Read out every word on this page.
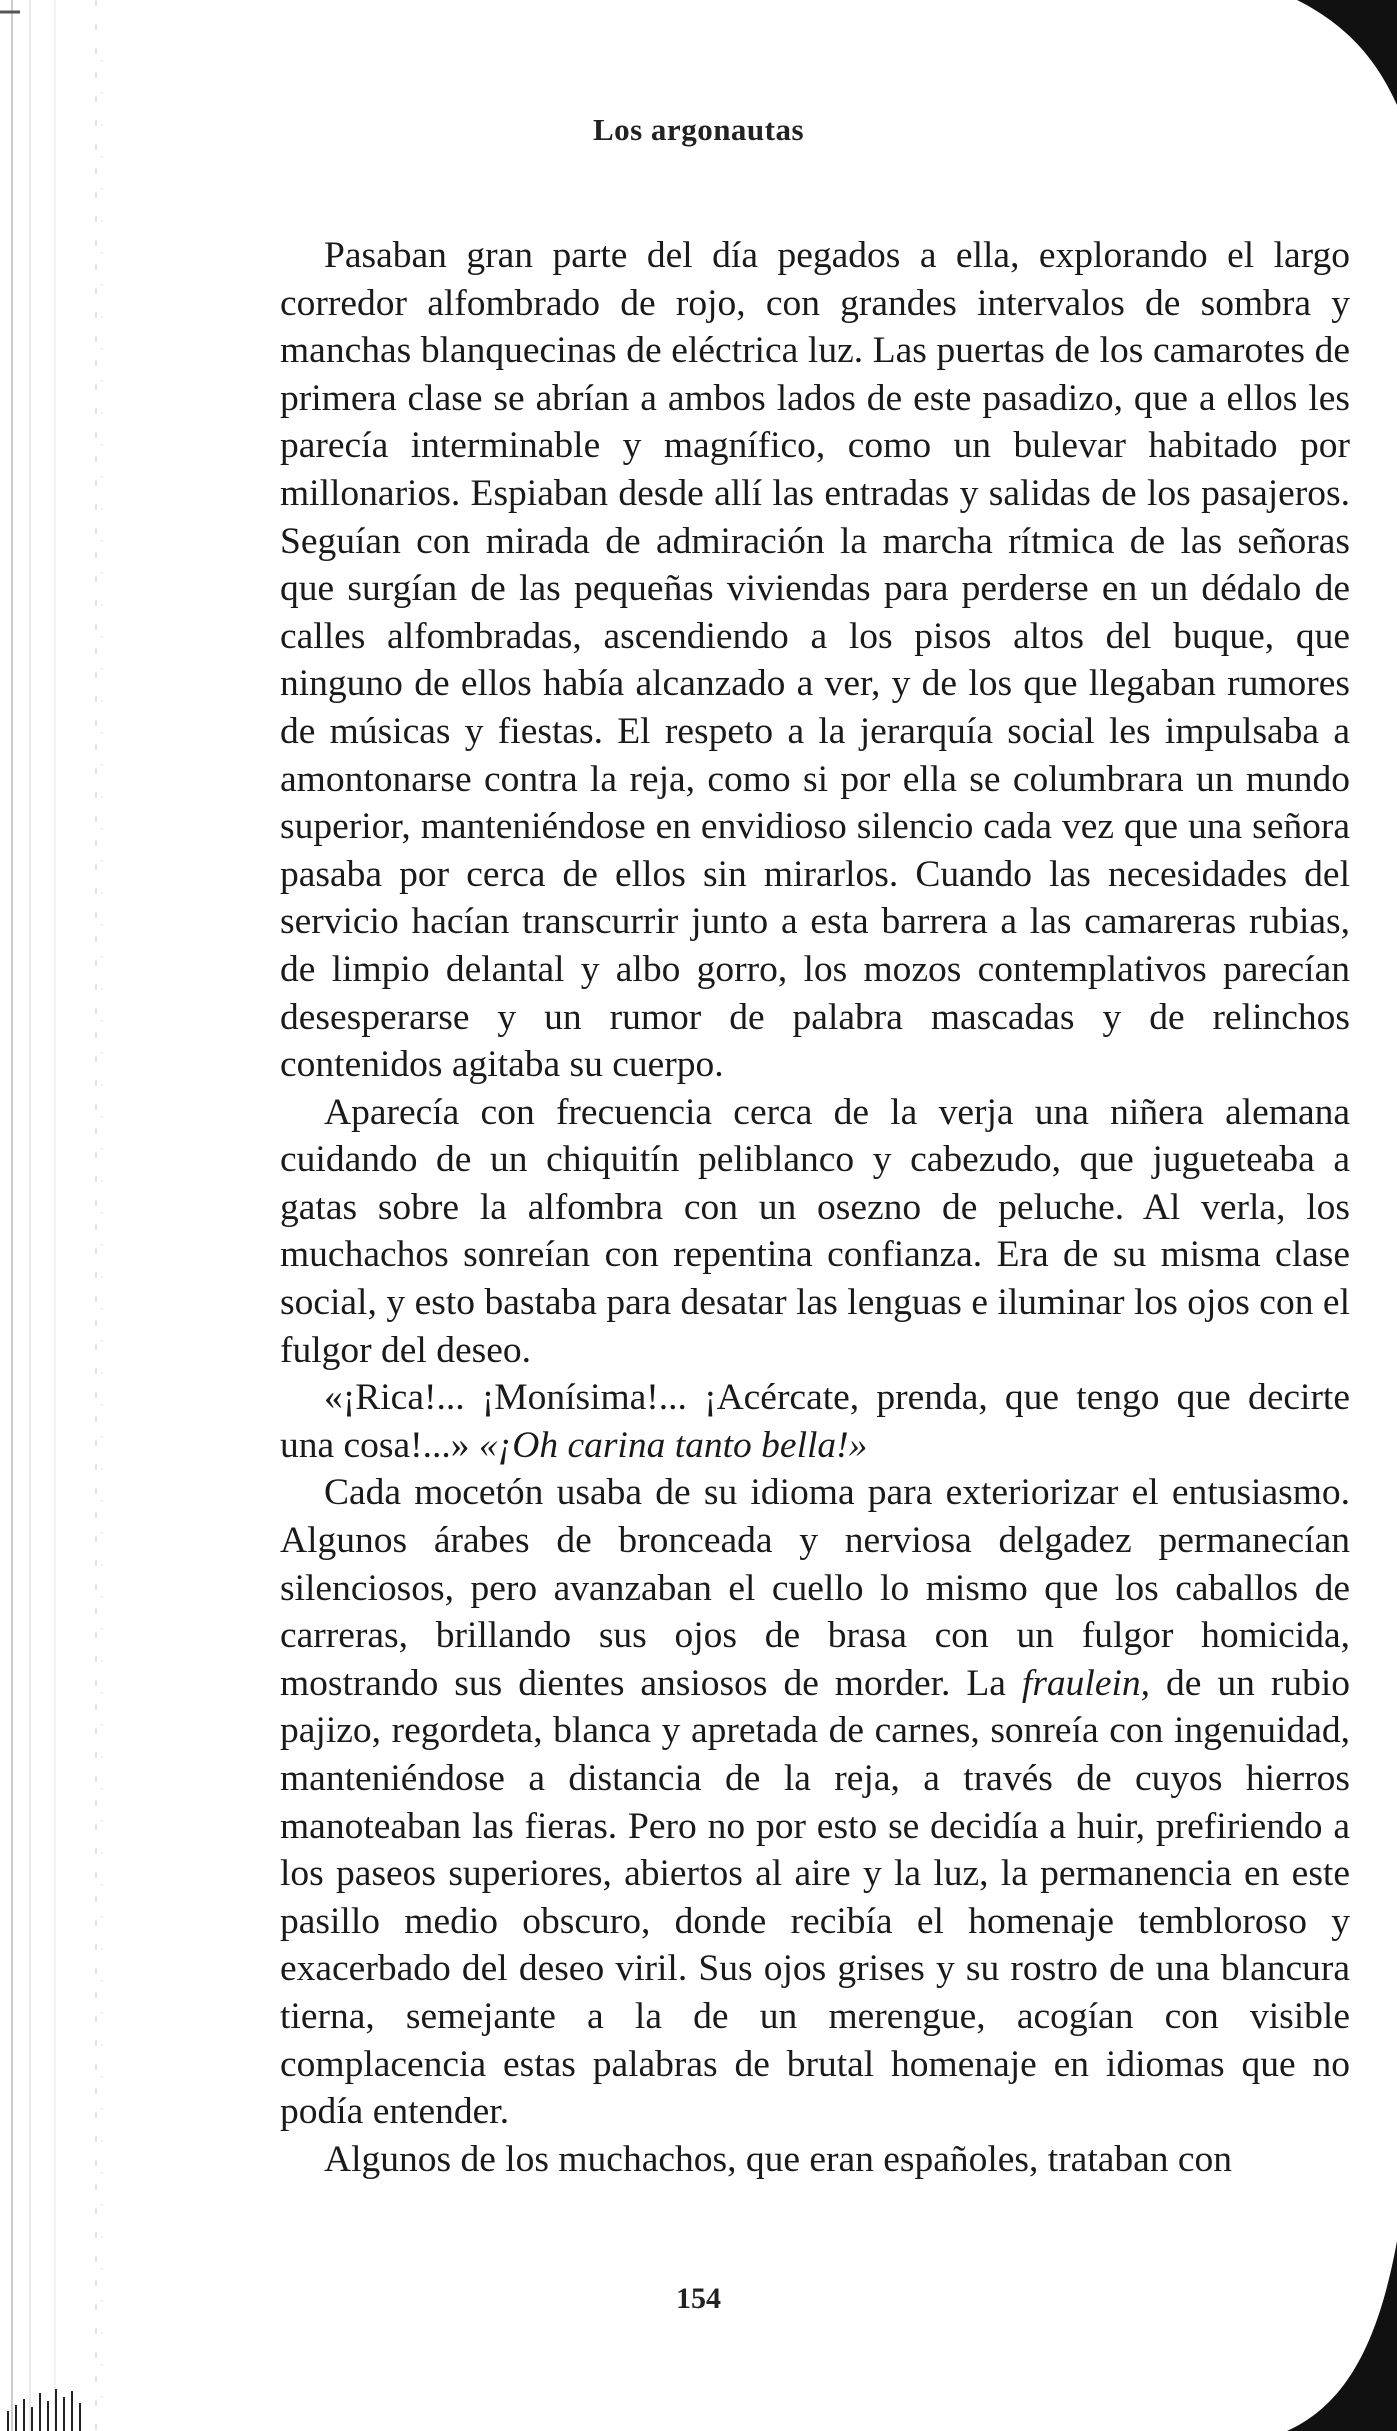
Los argonautas

Pasaban gran parte del día pegados a ella, explorando el largo corredor alfombrado de rojo, con grandes intervalos de sombra y manchas blanquecinas de eléctrica luz. Las puertas de los camarotes de primera clase se abrían a ambos lados de este pasadizo, que a ellos les parecía interminable y magnífico, como un bulevar habitado por millonarios. Espiaban desde allí las entradas y salidas de los pasajeros. Seguían con mirada de admiración la marcha rítmica de las señoras que surgían de las pequeñas viviendas para perderse en un dédalo de calles alfombradas, ascendiendo a los pisos altos del buque, que ninguno de ellos había alcanzado a ver, y de los que llegaban rumores de músicas y fiestas. El respeto a la jerarquía social les impulsaba a amontonarse contra la reja, como si por ella se columbrara un mundo superior, manteniéndose en envidioso silencio cada vez que una señora pasaba por cerca de ellos sin mirarlos. Cuando las necesidades del servicio hacían transcurrir junto a esta barrera a las camareras rubias, de limpio delantal y albo gorro, los mozos contemplativos parecían desesperarse y un rumor de palabra mascadas y de relinchos contenidos agitaba su cuerpo.

Aparecía con frecuencia cerca de la verja una niñera alemana cuidando de un chiquitín peliblanco y cabezudo, que jugueteaba a gatas sobre la alfombra con un osezno de peluche. Al verla, los muchachos sonreían con repentina confianza. Era de su misma clase social, y esto bastaba para desatar las lenguas e iluminar los ojos con el fulgor del deseo.

«¡Rica!... ¡Monísima!... ¡Acércate, prenda, que tengo que decirte una cosa!...» «¡Oh carina tanto bella!»

Cada mocetón usaba de su idioma para exteriorizar el entusiasmo. Algunos árabes de bronceada y nerviosa delgadez permanecían silenciosos, pero avanzaban el cuello lo mismo que los caballos de carreras, brillando sus ojos de brasa con un fulgor homicida, mostrando sus dientes ansiosos de morder. La fraulein, de un rubio pajizo, regordeta, blanca y apretada de carnes, sonreía con ingenuidad, manteniéndose a distancia de la reja, a través de cuyos hierros manoteaban las fieras. Pero no por esto se decidía a huir, prefiriendo a los paseos superiores, abiertos al aire y la luz, la permanencia en este pasillo medio obscuro, donde recibía el homenaje tembloroso y exacerbado del deseo viril. Sus ojos grises y su rostro de una blancura tierna, semejante a la de un merengue, acogían con visible complacencia estas palabras de brutal homenaje en idiomas que no podía entender.

Algunos de los muchachos, que eran españoles, trataban con

154
